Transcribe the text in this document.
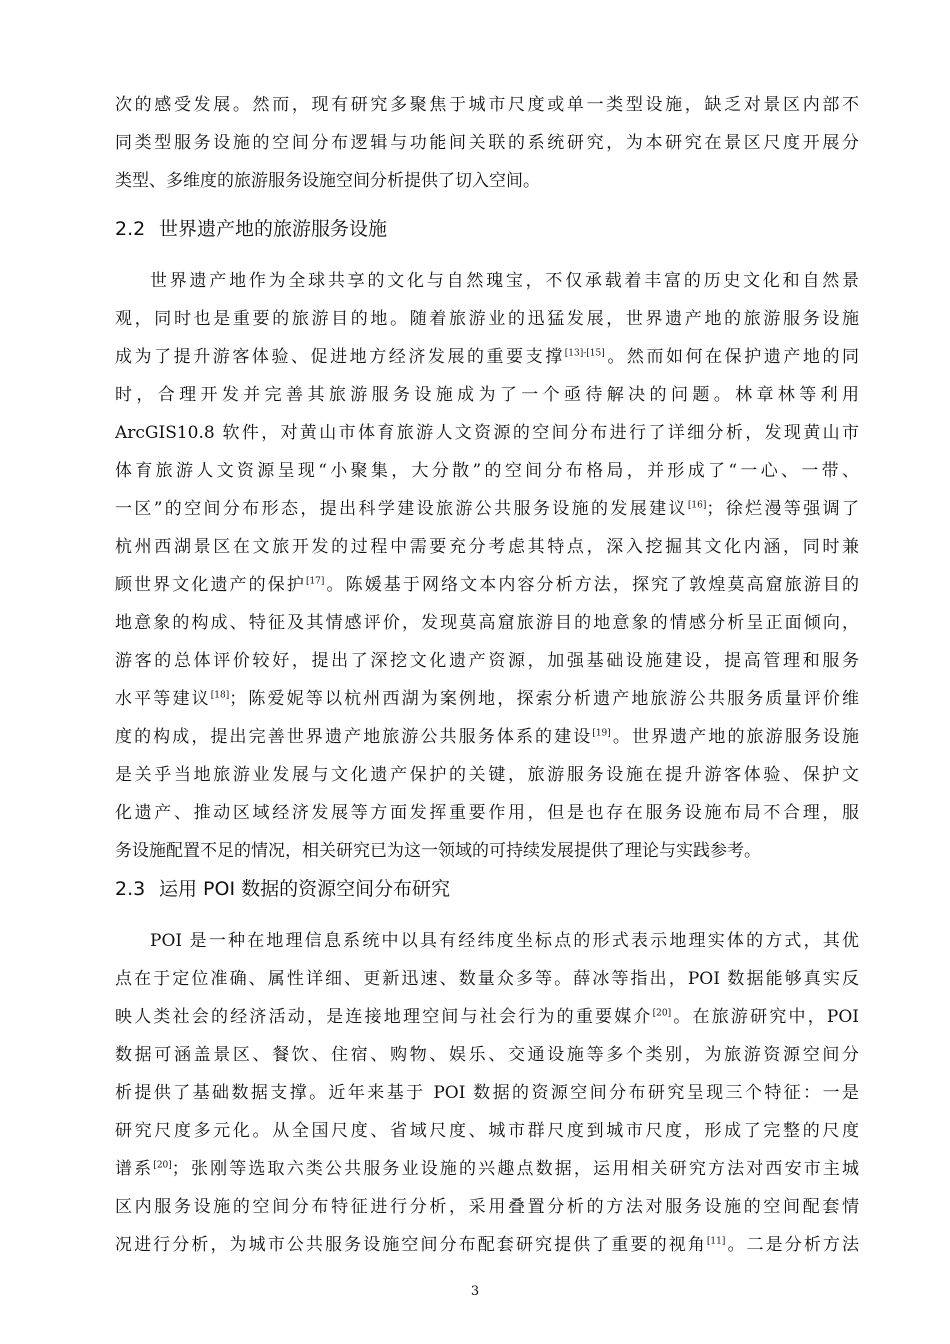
次的感受发展。然而，现有研究多聚焦于城市尺度或单一类型设施，缺乏对景区内部不
同类型服务设施的空间分布逻辑与功能间关联的系统研究，为本研究在景区尺度开展分
类型、多维度的旅游服务设施空间分析提供了切入空间。
2.2 世界遗产地的旅游服务设施
世界遗产地作为全球共享的文化与自然瑰宝，不仅承载着丰富的历史文化和自然景
观，同时也是重要的旅游目的地。随着旅游业的迅猛发展，世界遗产地的旅游服务设施
成为了提升游客体验、促进地方经济发展的重要支撑[13]-[15]。然而如何在保护遗产地的同
时，合理开发并完善其旅游服务设施成为了一个亟待解决的问题。林章林等利用
ArcGIS10.8 软件，对黄山市体育旅游人文资源的空间分布进行了详细分析，发现黄山市
体育旅游人文资源呈现“小聚集，大分散”的空间分布格局，并形成了“一心、一带、
一区”的空间分布形态，提出科学建设旅游公共服务设施的发展建议[16]；徐烂漫等强调了
杭州西湖景区在文旅开发的过程中需要充分考虑其特点，深入挖掘其文化内涵，同时兼
顾世界文化遗产的保护[17]。陈媛基于网络文本内容分析方法，探究了敦煌莫高窟旅游目的
地意象的构成、特征及其情感评价，发现莫高窟旅游目的地意象的情感分析呈正面倾向，
游客的总体评价较好，提出了深挖文化遗产资源，加强基础设施建设，提高管理和服务
水平等建议[18]；陈爱妮等以杭州西湖为案例地，探索分析遗产地旅游公共服务质量评价维
度的构成，提出完善世界遗产地旅游公共服务体系的建设[19]。世界遗产地的旅游服务设施
是关乎当地旅游业发展与文化遗产保护的关键，旅游服务设施在提升游客体验、保护文
化遗产、推动区域经济发展等方面发挥重要作用，但是也存在服务设施布局不合理，服
务设施配置不足的情况，相关研究已为这一领域的可持续发展提供了理论与实践参考。
2.3 运用 POI 数据的资源空间分布研究
POI 是一种在地理信息系统中以具有经纬度坐标点的形式表示地理实体的方式，其优
点在于定位准确、属性详细、更新迅速、数量众多等。薛冰等指出，POI 数据能够真实反
映人类社会的经济活动，是连接地理空间与社会行为的重要媒介[20]。在旅游研究中，POI
数据可涵盖景区、餐饮、住宿、购物、娱乐、交通设施等多个类别，为旅游资源空间分
析提供了基础数据支撑。近年来基于 POI 数据的资源空间分布研究呈现三个特征：一是
研究尺度多元化。从全国尺度、省域尺度、城市群尺度到城市尺度，形成了完整的尺度
谱系[20]；张刚等选取六类公共服务业设施的兴趣点数据，运用相关研究方法对西安市主城
区内服务设施的空间分布特征进行分析，采用叠置分析的方法对服务设施的空间配套情
况进行分析，为城市公共服务设施空间分布配套研究提供了重要的视角[11]。二是分析方法
3
